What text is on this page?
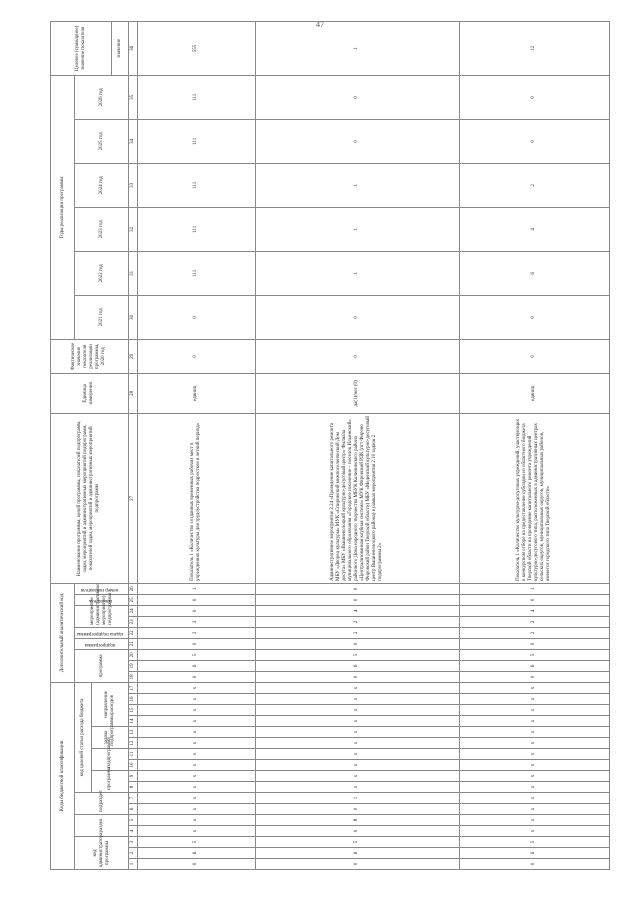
47
Коды бюджетной классификации																	Дополнительный аналитический код									Наименование программы, целей программы, показателей подпрограмм, задач, мероприятий и административных мероприятий подпрограмм, показателей задач, мероприятий и административных мероприятий подпрограмм	Единица измерения	Фактическое значение показателя реализации программы, 2020 год	Годы реализации программы						Целевое (суммарное) значение показателя	
код администратора программы			раздел		подраздел		код целевой статьи расхода бюджета										программа			подпрограмма	задача подпрограммы	мероприятие (административное мероприятие) подпрограммы		показатель	номер показателя				2021 год	2022 год	2023 год	2024 год	2025 год	2026 год		
							программа		подпрограмма		задача подпрограммы		направление расходов																							
																																			значение	
1	2	3	4	5	6	7	8	9	10	11	12	13	14	15	16	17	18	19	20	21	22	23	24	25	26	27	28	29	30	31	32	33	34	35	36	
0	6	5	х	х	х	х	х	х	х	х	х	х	х	х	х	х	0	6	5	0	2	3	0	0	1	Показатель 1 «Количество созданных временных рабочих мест в учреждениях культуры для трудоустройства подростков в летний период»	единиц	0	0	111	111	111	111	111	555	
0	6	5	0	8	0	1	х	х	х	х	х	х	х	х	х	х	0	6	5	0	2	2	4	0	0	Административное мероприятие 2.24 «Проведение капитального ремонта МБУ «Дворец культуры» МУК «Спиринский межпоселенческий Дом досуга» МБУ «Вышневолоцкий культурно-досуговый центр» Филиала муниципального образования «Городское поселение – поселок Ильинский» районного Дома народного творчества МБУК Калининского района «Централизованная клубная система» МУК Фировский РДК (пгт Фирово Фировский район Тверской области) МБУ «Меденский культурно-досуговый центр Вышневолоцкого района) в рамках мероприятия 2.10 задачи 2 подпрограммы 2»	да(1)/нет (0)	0	0	1	1	1	0	0	1	
0	6	5	х	х	х	х	х	х	х	х	х	х	х	х	х	х	0	6	5	0	2	2	4	0	1	Показатель 1 «Количество культурно-досуговых учреждений, участвующих в конкурсном отборе на предоставление субсидии из областного бюджета Тверской области на проведение капитального ремонта учреждений культурно-досугового типа, расположенных в административных центрах сельских округов, муниципальных округов, муниципальных районов, является городского типа Тверской области»	единиц	0	0	6	4	2	0	0	12	
